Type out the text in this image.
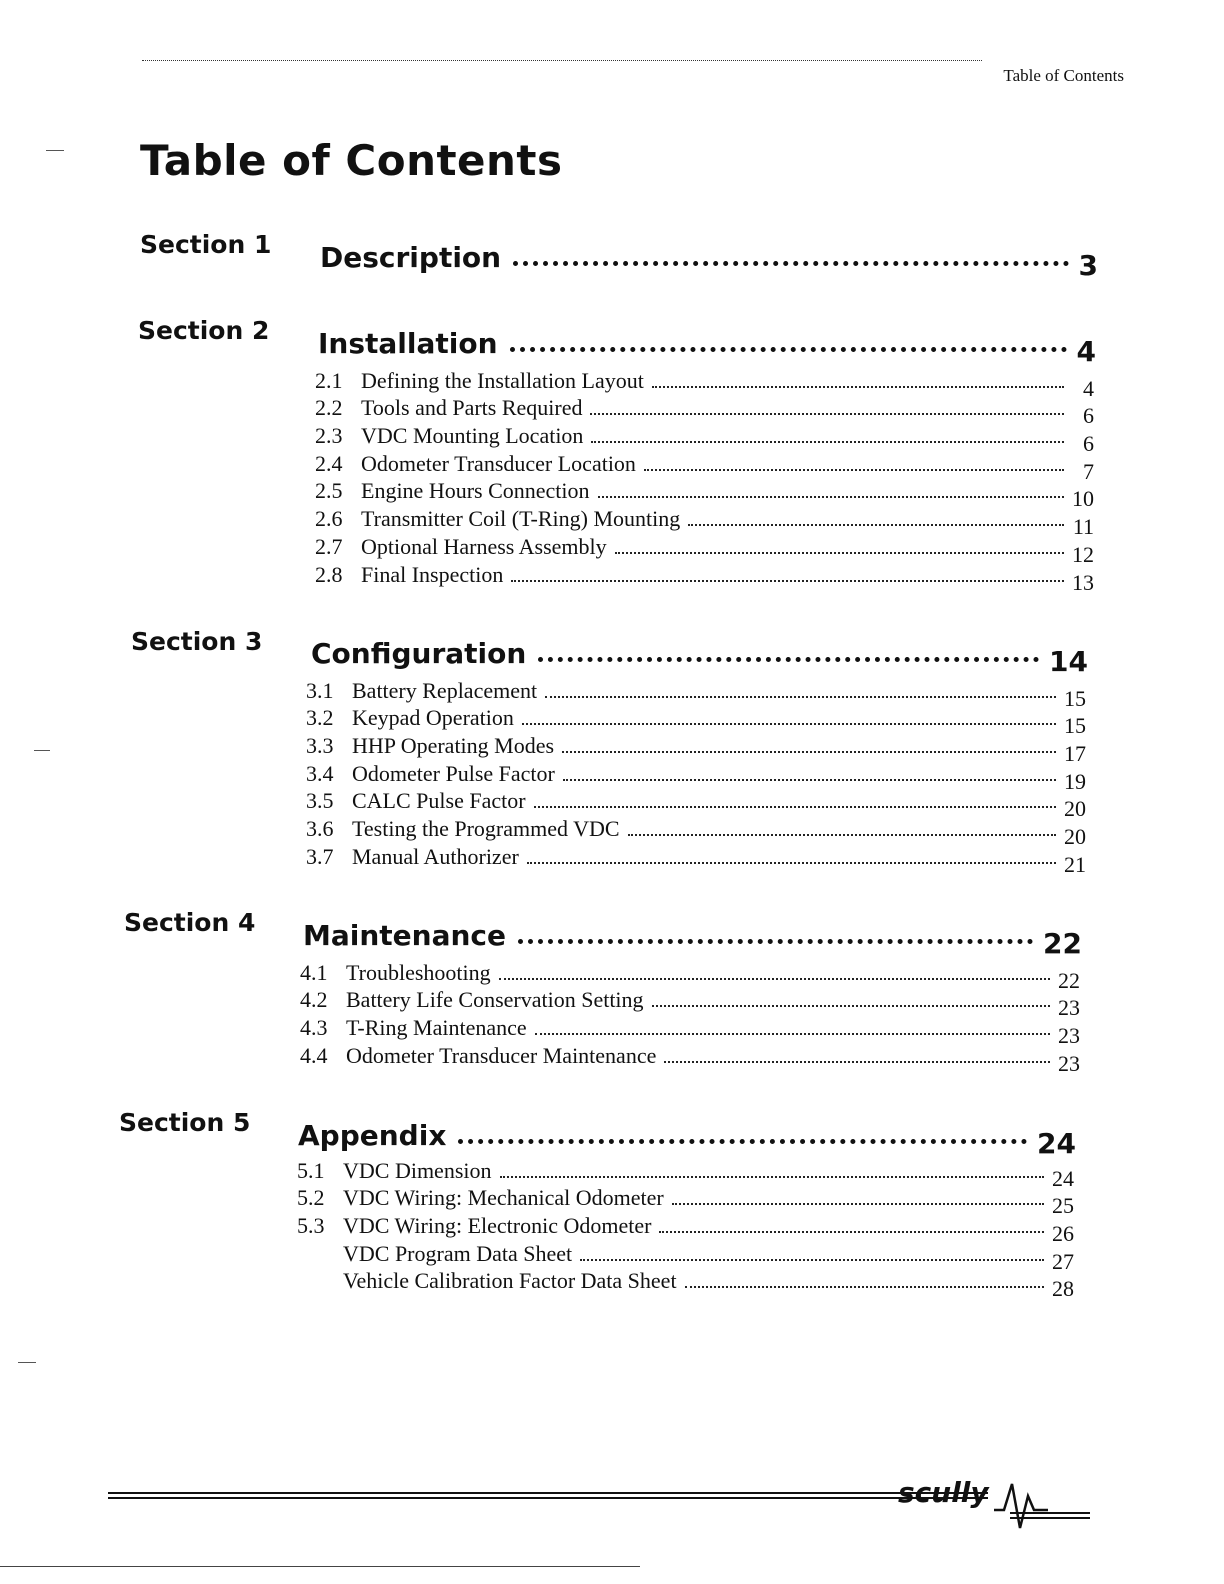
Table of Contents
Table of Contents
Section 1 Description	3
Section 2 Installation	4
2.1 Defining the Installation Layout	4
2.2 Tools and Parts Required	6
2.3 VDC Mounting Location	6
2.4 Odometer Transducer Location	7
2.5 Engine Hours Connection	10
2.6 Transmitter Coil (T-Ring) Mounting	11
2.7 Optional Harness Assembly	12
2.8 Final Inspection	13
Section 3 Configuration	14
3.1 Battery Replacement	15
3.2 Keypad Operation	15
3.3 HHP Operating Modes	17
3.4 Odometer Pulse Factor	19
3.5 CALC Pulse Factor	20
3.6 Testing the Programmed VDC	20
3.7 Manual Authorizer	21
Section 4 Maintenance	22
4.1 Troubleshooting	22
4.2 Battery Life Conservation Setting	23
4.3 T-Ring Maintenance	23
4.4 Odometer Transducer Maintenance	23
Section 5 Appendix	24
5.1 VDC Dimension	24
5.2 VDC Wiring: Mechanical Odometer	25
5.3 VDC Wiring: Electronic Odometer	26
VDC Program Data Sheet	27
Vehicle Calibration Factor Data Sheet	28
scully
